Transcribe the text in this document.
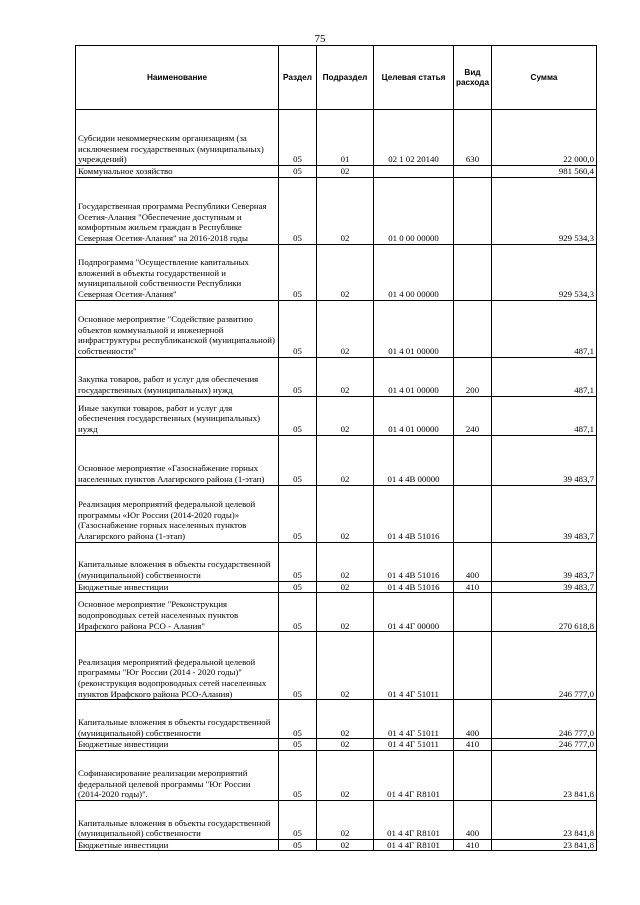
75
Наименование	Раздел	Подраздел	Целевая статья	Вид расхода	Сумма
Субсидии некоммерческим организациям (за исключением государственных (муниципальных) учреждений)	05	01	02 1 02 20140	630	22 000,0
Коммунальное хозяйство	05	02			981 560,4
Государственная программа Республики Северная Осетия-Алания "Обеспечение доступным и комфортным жильем граждан в Республике Северная Осетия-Алания" на 2016-2018 годы	05	02	01 0 00 00000		929 534,3
Подпрограмма "Осуществление капитальных вложений в объекты государственной и муниципальной собственности Республики Северная Осетия-Алания"	05	02	01 4 00 00000		929 534,3
Основное мероприятие "Содействие развитию объектов коммунальной и инженерной инфраструктуры республиканской (муниципальной) собственности"	05	02	01 4 01 00000		487,1
Закупка товаров, работ и услуг для обеспечения государственных (муниципальных) нужд	05	02	01 4 01 00000	200	487,1
Иные закупки товаров, работ и услуг для обеспечения государственных (муниципальных) нужд	05	02	01 4 01 00000	240	487,1
Основное мероприятие «Газоснабжение горных населенных пунктов Алагирского района (1-этап)	05	02	01 4 4В 00000		39 483,7
Реализация мероприятий федеральной целевой программы «Юг России (2014-2020 годы)» (Газоснабжение горных населенных пунктов Алагирского района (1-этап)	05	02	01 4 4В 51016		39 483,7
Капитальные вложения в объекты государственной (муниципальной) собственности	05	02	01 4 4В 51016	400	39 483,7
Бюджетные инвестиции	05	02	01 4 4В 51016	410	39 483,7
Основное мероприятие "Реконструкция водопроводных сетей населенных пунктов Ирафского района РСО - Алания"	05	02	01 4 4Г 00000		270 618,8
Реализация мероприятий федеральной целевой программы "Юг России (2014 - 2020 годы)" (реконструкция водопроводных сетей населенных пунктов Ирафского района РСО-Алания)	05	02	01 4 4Г 51011		246 777,0
Капитальные вложения в объекты государственной (муниципальной) собственности	05	02	01 4 4Г 51011	400	246 777,0
Бюджетные инвестиции	05	02	01 4 4Г 51011	410	246 777,0
Софинансирование реализации мероприятий федеральной целевой программы "Юг России (2014-2020 годы)".	05	02	01 4 4Г R8101		23 841,8
Капитальные вложения в объекты государственной (муниципальной) собственности	05	02	01 4 4Г R8101	400	23 841,8
Бюджетные инвестиции	05	02	01 4 4Г R8101	410	23 841,8
